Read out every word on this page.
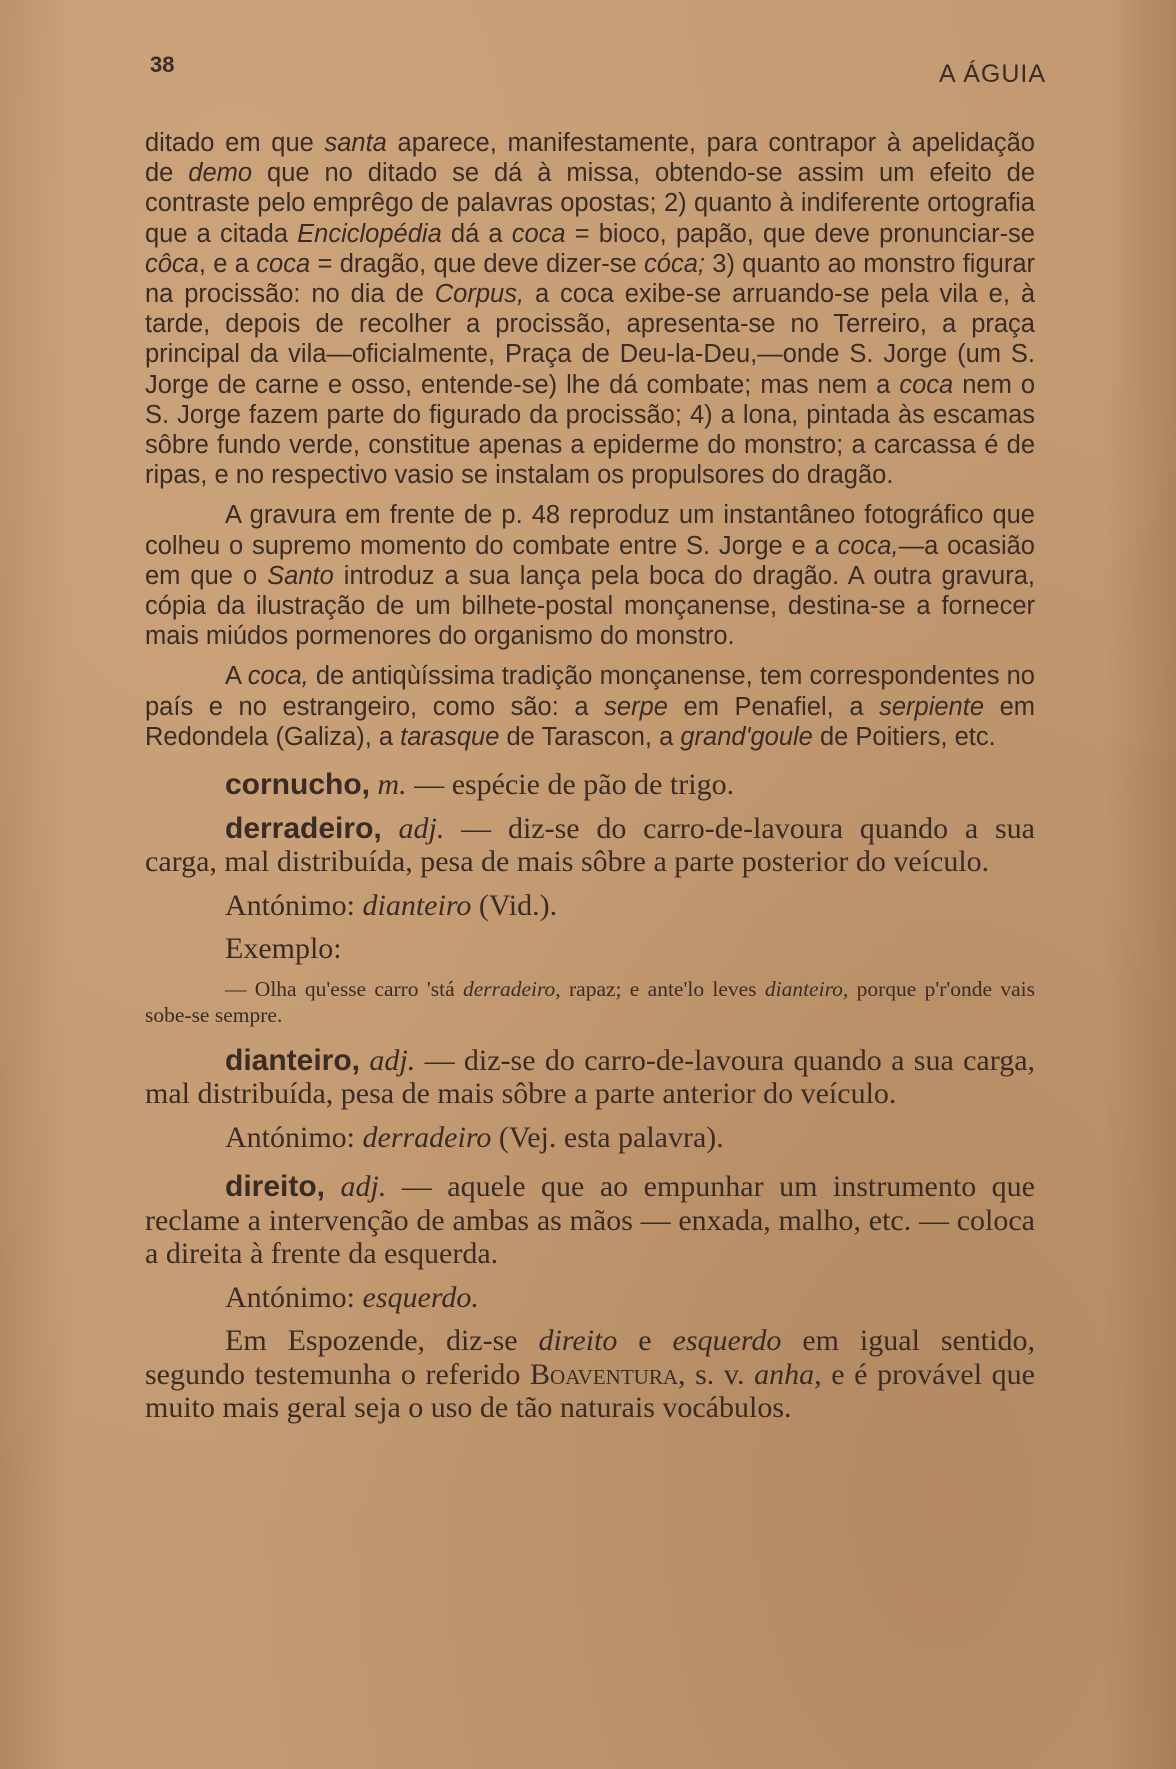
38	A ÁGUIA

ditado em que santa aparece, manifestamente, para contrapor à apelidação de demo que no ditado se dá à missa, obtendo-se assim um efeito de contraste pelo emprêgo de palavras opostas; 2) quanto à indiferente ortografia que a citada Enciclopédia dá a coca = bioco, papão, que deve pronunciar-se côca, e a coca = dragão, que deve dizer-se cóca; 3) quanto ao monstro figurar na procissão: no dia de Corpus, a coca exibe-se arruando-se pela vila e, à tarde, depois de recolher a procissão, apresenta-se no Terreiro, a praça principal da vila—oficialmente, Praça de Deu-la-Deu,—onde S. Jorge (um S. Jorge de carne e osso, entende-se) lhe dá combate; mas nem a coca nem o S. Jorge fazem parte do figurado da procissão; 4) a lona, pintada às escamas sôbre fundo verde, constitue apenas a epiderme do monstro; a carcassa é de ripas, e no respectivo vasio se instalam os propulsores do dragão.

A gravura em frente de p. 48 reproduz um instantâneo fotográfico que colheu o supremo momento do combate entre S. Jorge e a coca,—a ocasião em que o Santo introduz a sua lança pela boca do dragão. A outra gravura, cópia da ilustração de um bilhete-postal monçanense, destina-se a fornecer mais miúdos pormenores do organismo do monstro.

A coca, de antiqùíssima tradição monçanense, tem correspondentes no país e no estrangeiro, como são: a serpe em Penafiel, a serpiente em Redondela (Galiza), a tarasque de Tarascon, a grand'goule de Poitiers, etc.

cornucho, m. — espécie de pão de trigo.

derradeiro, adj. — diz-se do carro-de-lavoura quando a sua carga, mal distribuída, pesa de mais sôbre a parte posterior do veículo.

Antónimo: dianteiro (Vid.).

Exemplo:

— Olha qu'esse carro 'stá derradeiro, rapaz; e ante'lo leves dianteiro, porque p'r'onde vais sobe-se sempre.

dianteiro, adj. — diz-se do carro-de-lavoura quando a sua carga, mal distribuída, pesa de mais sôbre a parte anterior do veículo.

Antónimo: derradeiro (Vej. esta palavra).

direito, adj. — aquele que ao empunhar um instrumento que reclame a intervenção de ambas as mãos — enxada, malho, etc. — coloca a direita à frente da esquerda.

Antónimo: esquerdo.

Em Espozende, diz-se direito e esquerdo em igual sentido, segundo testemunha o referido Boaventura, s. v. anha, e é provável que muito mais geral seja o uso de tão naturais vocábulos.
